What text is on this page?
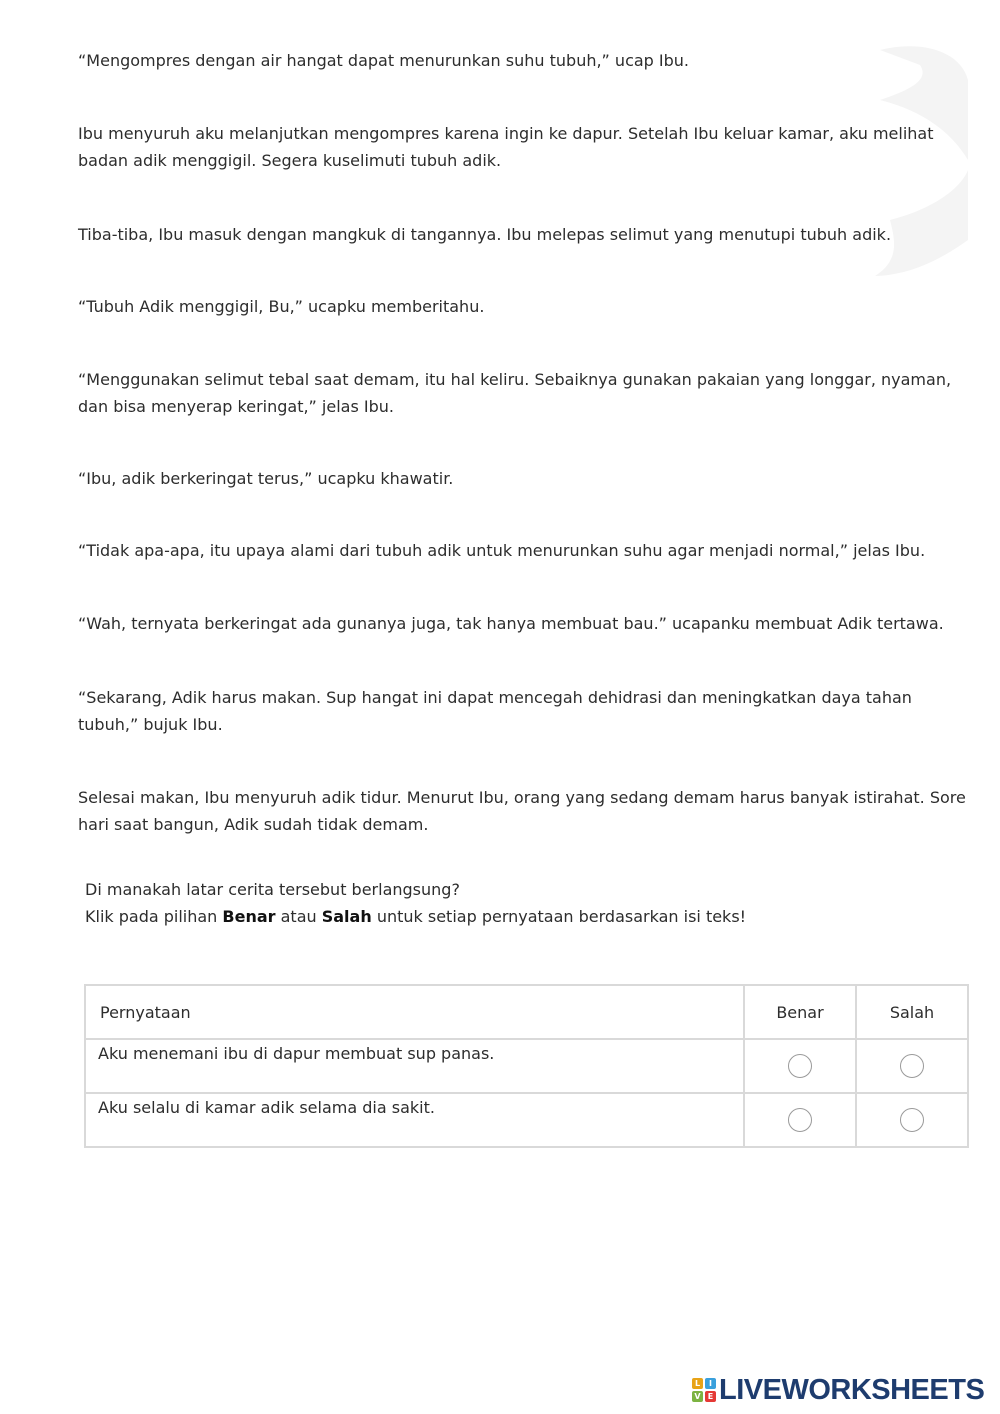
“Mengompres dengan air hangat dapat menurunkan suhu tubuh,” ucap Ibu.

Ibu menyuruh aku melanjutkan mengompres karena ingin ke dapur. Setelah Ibu keluar kamar, aku melihat badan adik menggigil. Segera kuselimuti tubuh adik.

Tiba-tiba, Ibu masuk dengan mangkuk di tangannya. Ibu melepas selimut yang menutupi tubuh adik.

“Tubuh Adik menggigil, Bu,” ucapku memberitahu.

“Menggunakan selimut tebal saat demam, itu hal keliru. Sebaiknya gunakan pakaian yang longgar, nyaman, dan bisa menyerap keringat,” jelas Ibu.

“Ibu, adik berkeringat terus,” ucapku khawatir.

“Tidak apa-apa, itu upaya alami dari tubuh adik untuk menurunkan suhu agar menjadi normal,” jelas Ibu.

“Wah, ternyata berkeringat ada gunanya juga, tak hanya membuat bau.” ucapanku membuat Adik tertawa.

“Sekarang, Adik harus makan. Sup hangat ini dapat mencegah dehidrasi dan meningkatkan daya tahan tubuh,” bujuk Ibu.

Selesai makan, Ibu menyuruh adik tidur. Menurut Ibu, orang yang sedang demam harus banyak istirahat. Sore hari saat bangun, Adik sudah tidak demam.

Di manakah latar cerita tersebut berlangsung?
Klik pada pilihan Benar atau Salah untuk setiap pernyataan berdasarkan isi teks!
Pernyataan	Benar	Salah
Aku menemani ibu di dapur membuat sup panas.		
Aku selalu di kamar adik selama dia sakit.		
L	I
V E LIVEWORKSHEETS
